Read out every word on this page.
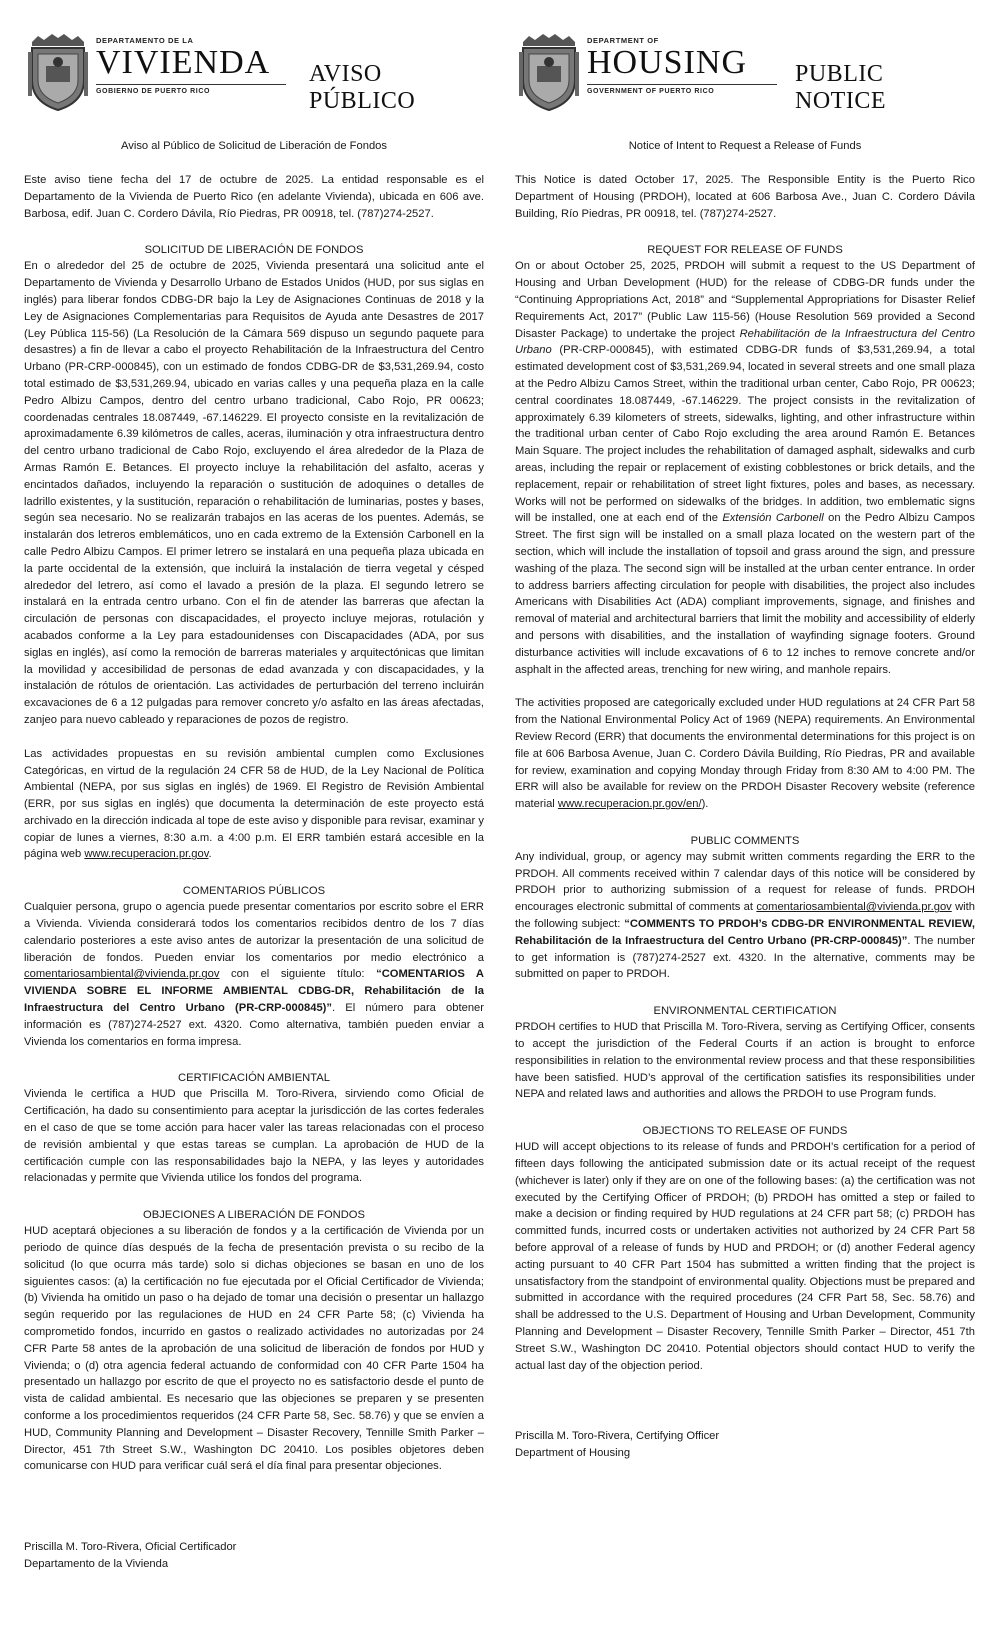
DEPARTAMENTO DE LA
VIVIENDA
GOBIERNO DE PUERTO RICO
AVISO PÚBLICO
Aviso al Público de Solicitud de Liberación de Fondos

Este aviso tiene fecha del 17 de octubre de 2025. La entidad responsable es el Departamento de la Vivienda de Puerto Rico (en adelante Vivienda), ubicada en 606 ave. Barbosa, edif. Juan C. Cordero Dávila, Río Piedras, PR 00918, tel. (787)274-2527.

SOLICITUD DE LIBERACIÓN DE FONDOS

En o alrededor del 25 de octubre de 2025, Vivienda presentará una solicitud ante el Departamento de Vivienda y Desarrollo Urbano de Estados Unidos (HUD, por sus siglas en inglés) para liberar fondos CDBG-DR bajo la Ley de Asignaciones Continuas de 2018 y la Ley de Asignaciones Complementarias para Requisitos de Ayuda ante Desastres de 2017 (Ley Pública 115-56) (La Resolución de la Cámara 569 dispuso un segundo paquete para desastres) a fin de llevar a cabo el proyecto Rehabilitación de la Infraestructura del Centro Urbano (PR-CRP-000845), con un estimado de fondos CDBG-DR de $3,531,269.94, costo total estimado de $3,531,269.94, ubicado en varias calles y una pequeña plaza en la calle Pedro Albizu Campos, dentro del centro urbano tradicional, Cabo Rojo, PR 00623; coordenadas centrales 18.087449, -67.146229. El proyecto consiste en la revitalización de aproximadamente 6.39 kilómetros de calles, aceras, iluminación y otra infraestructura dentro del centro urbano tradicional de Cabo Rojo, excluyendo el área alrededor de la Plaza de Armas Ramón E. Betances. El proyecto incluye la rehabilitación del asfalto, aceras y encintados dañados, incluyendo la reparación o sustitución de adoquines o detalles de ladrillo existentes, y la sustitución, reparación o rehabilitación de luminarias, postes y bases, según sea necesario. No se realizarán trabajos en las aceras de los puentes. Además, se instalarán dos letreros emblemáticos, uno en cada extremo de la Extensión Carbonell en la calle Pedro Albizu Campos. El primer letrero se instalará en una pequeña plaza ubicada en la parte occidental de la extensión, que incluirá la instalación de tierra vegetal y césped alrededor del letrero, así como el lavado a presión de la plaza. El segundo letrero se instalará en la entrada centro urbano. Con el fin de atender las barreras que afectan la circulación de personas con discapacidades, el proyecto incluye mejoras, rotulación y acabados conforme a la Ley para estadounidenses con Discapacidades (ADA, por sus siglas en inglés), así como la remoción de barreras materiales y arquitectónicas que limitan la movilidad y accesibilidad de personas de edad avanzada y con discapacidades, y la instalación de rótulos de orientación. Las actividades de perturbación del terreno incluirán excavaciones de 6 a 12 pulgadas para remover concreto y/o asfalto en las áreas afectadas, zanjeo para nuevo cableado y reparaciones de pozos de registro.

Las actividades propuestas en su revisión ambiental cumplen como Exclusiones Categóricas, en virtud de la regulación 24 CFR 58 de HUD, de la Ley Nacional de Política Ambiental (NEPA, por sus siglas en inglés) de 1969. El Registro de Revisión Ambiental (ERR, por sus siglas en inglés) que documenta la determinación de este proyecto está archivado en la dirección indicada al tope de este aviso y disponible para revisar, examinar y copiar de lunes a viernes, 8:30 a.m. a 4:00 p.m. El ERR también estará accesible en la página web www.recuperacion.pr.gov.

COMENTARIOS PÚBLICOS

Cualquier persona, grupo o agencia puede presentar comentarios por escrito sobre el ERR a Vivienda. Vivienda considerará todos los comentarios recibidos dentro de los 7 días calendario posteriores a este aviso antes de autorizar la presentación de una solicitud de liberación de fondos. Pueden enviar los comentarios por medio electrónico a comentariosambiental@vivienda.pr.gov con el siguiente título: “COMENTARIOS A VIVIENDA SOBRE EL INFORME AMBIENTAL CDBG-DR, Rehabilitación de la Infraestructura del Centro Urbano (PR-CRP-000845)”. El número para obtener información es (787)274-2527 ext. 4320. Como alternativa, también pueden enviar a Vivienda los comentarios en forma impresa.

CERTIFICACIÓN AMBIENTAL

Vivienda le certifica a HUD que Priscilla M. Toro-Rivera, sirviendo como Oficial de Certificación, ha dado su consentimiento para aceptar la jurisdicción de las cortes federales en el caso de que se tome acción para hacer valer las tareas relacionadas con el proceso de revisión ambiental y que estas tareas se cumplan. La aprobación de HUD de la certificación cumple con las responsabilidades bajo la NEPA, y las leyes y autoridades relacionadas y permite que Vivienda utilice los fondos del programa.

OBJECIONES A LIBERACIÓN DE FONDOS

HUD aceptará objeciones a su liberación de fondos y a la certificación de Vivienda por un periodo de quince días después de la fecha de presentación prevista o su recibo de la solicitud (lo que ocurra más tarde) solo si dichas objeciones se basan en uno de los siguientes casos: (a) la certificación no fue ejecutada por el Oficial Certificador de Vivienda; (b) Vivienda ha omitido un paso o ha dejado de tomar una decisión o presentar un hallazgo según requerido por las regulaciones de HUD en 24 CFR Parte 58; (c) Vivienda ha comprometido fondos, incurrido en gastos o realizado actividades no autorizadas por 24 CFR Parte 58 antes de la aprobación de una solicitud de liberación de fondos por HUD y Vivienda; o (d) otra agencia federal actuando de conformidad con 40 CFR Parte 1504 ha presentado un hallazgo por escrito de que el proyecto no es satisfactorio desde el punto de vista de calidad ambiental. Es necesario que las objeciones se preparen y se presenten conforme a los procedimientos requeridos (24 CFR Parte 58, Sec. 58.76) y que se envíen a HUD, Community Planning and Development – Disaster Recovery, Tennille Smith Parker – Director, 451 7th Street S.W., Washington DC 20410. Los posibles objetores deben comunicarse con HUD para verificar cuál será el día final para presentar objeciones.

Priscilla M. Toro-Rivera, Oficial Certificador
Departamento de la Vivienda
DEPARTMENT OF
HOUSING
GOVERNMENT OF PUERTO RICO
PUBLIC NOTICE
Notice of Intent to Request a Release of Funds

This Notice is dated October 17, 2025. The Responsible Entity is the Puerto Rico Department of Housing (PRDOH), located at 606 Barbosa Ave., Juan C. Cordero Dávila Building, Río Piedras, PR 00918, tel. (787)274-2527.

REQUEST FOR RELEASE OF FUNDS

On or about October 25, 2025, PRDOH will submit a request to the US Department of Housing and Urban Development (HUD) for the release of CDBG-DR funds under the “Continuing Appropriations Act, 2018” and “Supplemental Appropriations for Disaster Relief Requirements Act, 2017” (Public Law 115-56) (House Resolution 569 provided a Second Disaster Package) to undertake the project Rehabilitación de la Infraestructura del Centro Urbano (PR-CRP-000845), with estimated CDBG-DR funds of $3,531,269.94, a total estimated development cost of $3,531,269.94, located in several streets and one small plaza at the Pedro Albizu Camos Street, within the traditional urban center, Cabo Rojo, PR 00623; central coordinates 18.087449, -67.146229. The project consists in the revitalization of approximately 6.39 kilometers of streets, sidewalks, lighting, and other infrastructure within the traditional urban center of Cabo Rojo excluding the area around Ramón E. Betances Main Square. The project includes the rehabilitation of damaged asphalt, sidewalks and curb areas, including the repair or replacement of existing cobblestones or brick details, and the replacement, repair or rehabilitation of street light fixtures, poles and bases, as necessary. Works will not be performed on sidewalks of the bridges. In addition, two emblematic signs will be installed, one at each end of the Extensión Carbonell on the Pedro Albizu Campos Street. The first sign will be installed on a small plaza located on the western part of the section, which will include the installation of topsoil and grass around the sign, and pressure washing of the plaza. The second sign will be installed at the urban center entrance. In order to address barriers affecting circulation for people with disabilities, the project also includes Americans with Disabilities Act (ADA) compliant improvements, signage, and finishes and removal of material and architectural barriers that limit the mobility and accessibility of elderly and persons with disabilities, and the installation of wayfinding signage footers. Ground disturbance activities will include excavations of 6 to 12 inches to remove concrete and/or asphalt in the affected areas, trenching for new wiring, and manhole repairs.

The activities proposed are categorically excluded under HUD regulations at 24 CFR Part 58 from the National Environmental Policy Act of 1969 (NEPA) requirements. An Environmental Review Record (ERR) that documents the environmental determinations for this project is on file at 606 Barbosa Avenue, Juan C. Cordero Dávila Building, Río Piedras, PR and available for review, examination and copying Monday through Friday from 8:30 AM to 4:00 PM. The ERR will also be available for review on the PRDOH Disaster Recovery website (reference material www.recuperacion.pr.gov/en/).

PUBLIC COMMENTS

Any individual, group, or agency may submit written comments regarding the ERR to the PRDOH. All comments received within 7 calendar days of this notice will be considered by PRDOH prior to authorizing submission of a request for release of funds. PRDOH encourages electronic submittal of comments at comentariosambiental@vivienda.pr.gov with the following subject: “COMMENTS TO PRDOH’s CDBG-DR ENVIRONMENTAL REVIEW, Rehabilitación de la Infraestructura del Centro Urbano (PR-CRP-000845)”. The number to get information is (787)274-2527 ext. 4320. In the alternative, comments may be submitted on paper to PRDOH.

ENVIRONMENTAL CERTIFICATION

PRDOH certifies to HUD that Priscilla M. Toro-Rivera, serving as Certifying Officer, consents to accept the jurisdiction of the Federal Courts if an action is brought to enforce responsibilities in relation to the environmental review process and that these responsibilities have been satisfied. HUD’s approval of the certification satisfies its responsibilities under NEPA and related laws and authorities and allows the PRDOH to use Program funds.

OBJECTIONS TO RELEASE OF FUNDS

HUD will accept objections to its release of funds and PRDOH’s certification for a period of fifteen days following the anticipated submission date or its actual receipt of the request (whichever is later) only if they are on one of the following bases: (a) the certification was not executed by the Certifying Officer of PRDOH; (b) PRDOH has omitted a step or failed to make a decision or finding required by HUD regulations at 24 CFR part 58; (c) PRDOH has committed funds, incurred costs or undertaken activities not authorized by 24 CFR Part 58 before approval of a release of funds by HUD and PRDOH; or (d) another Federal agency acting pursuant to 40 CFR Part 1504 has submitted a written finding that the project is unsatisfactory from the standpoint of environmental quality. Objections must be prepared and submitted in accordance with the required procedures (24 CFR Part 58, Sec. 58.76) and shall be addressed to the U.S. Department of Housing and Urban Development, Community Planning and Development – Disaster Recovery, Tennille Smith Parker – Director, 451 7th Street S.W., Washington DC 20410. Potential objectors should contact HUD to verify the actual last day of the objection period.

Priscilla M. Toro-Rivera, Certifying Officer
Department of Housing
